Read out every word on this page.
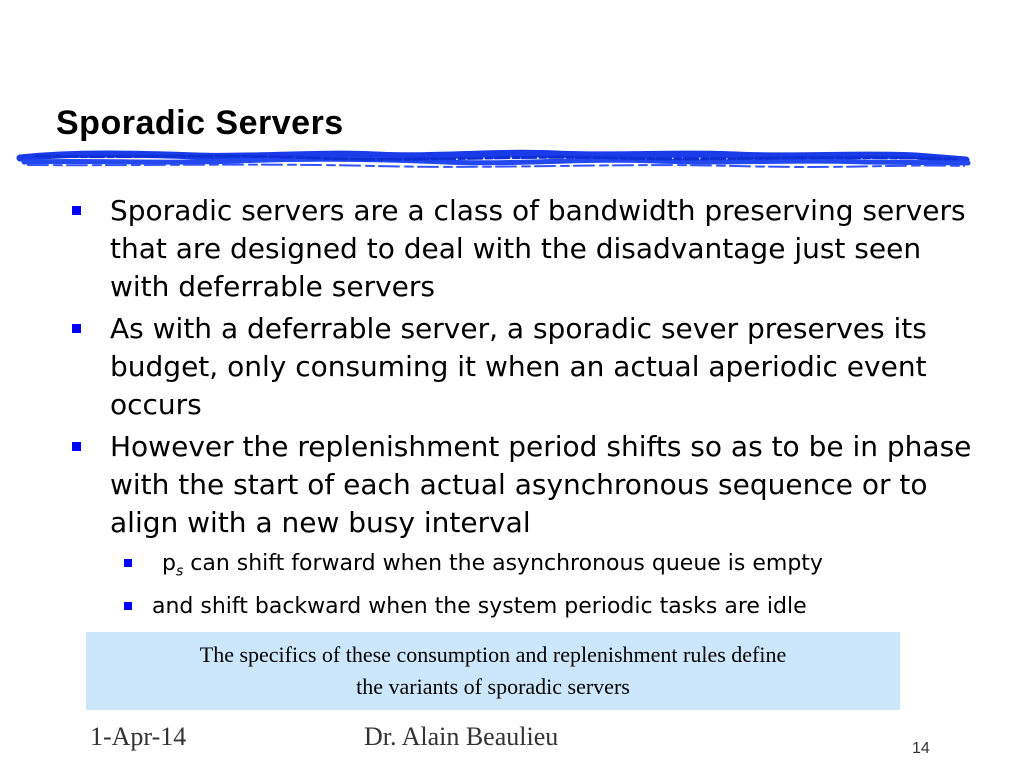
Sporadic Servers
Sporadic servers are a class of bandwidth preserving servers that are designed to deal with the disadvantage just seen with deferrable servers
As with a deferrable server, a sporadic sever preserves its budget, only consuming it when an actual aperiodic event occurs
However the replenishment period shifts so as to be in phase with the start of each actual asynchronous sequence or to align with a new busy interval
$p_s$ can shift forward when the asynchronous queue is empty
and shift backward when the system periodic tasks are idle
The specifics of these consumption and replenishment rules define
the variants of sporadic servers
1-Apr-14	Dr. Alain Beaulieu	14
